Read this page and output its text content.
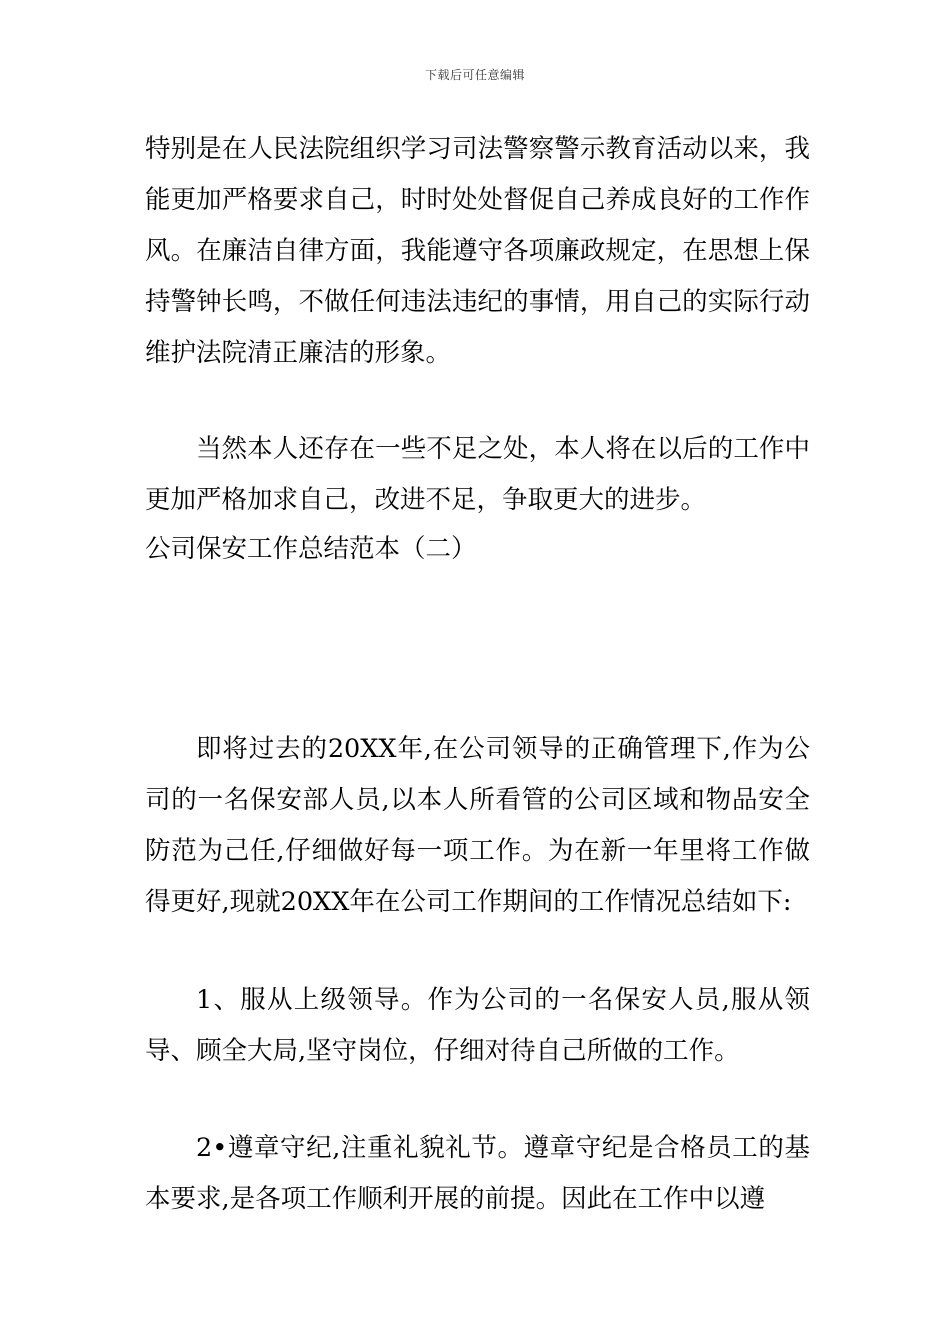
下载后可任意编辑

特别是在人民法院组织学习司法警察警示教育活动以来，我能更加严格要求自己，时时处处督促自己养成良好的工作作风。在廉洁自律方面，我能遵守各项廉政规定，在思想上保持警钟长鸣，不做任何违法违纪的事情，用自己的实际行动维护法院清正廉洁的形象。

当然本人还存在一些不足之处，本人将在以后的工作中更加严格加求自己，改进不足，争取更大的进步。

公司保安工作总结范本（二）

即将过去的20XX年,在公司领导的正确管理下,作为公司的一名保安部人员,以本人所看管的公司区域和物品安全防范为己任,仔细做好每一项工作。为在新一年里将工作做得更好,现就20XX年在公司工作期间的工作情况总结如下:

1、服从上级领导。作为公司的一名保安人员,服从领导、顾全大局,坚守岗位，仔细对待自己所做的工作。

2•遵章守纪,注重礼貌礼节。遵章守纪是合格员工的基本要求,是各项工作顺利开展的前提。因此在工作中以遵
